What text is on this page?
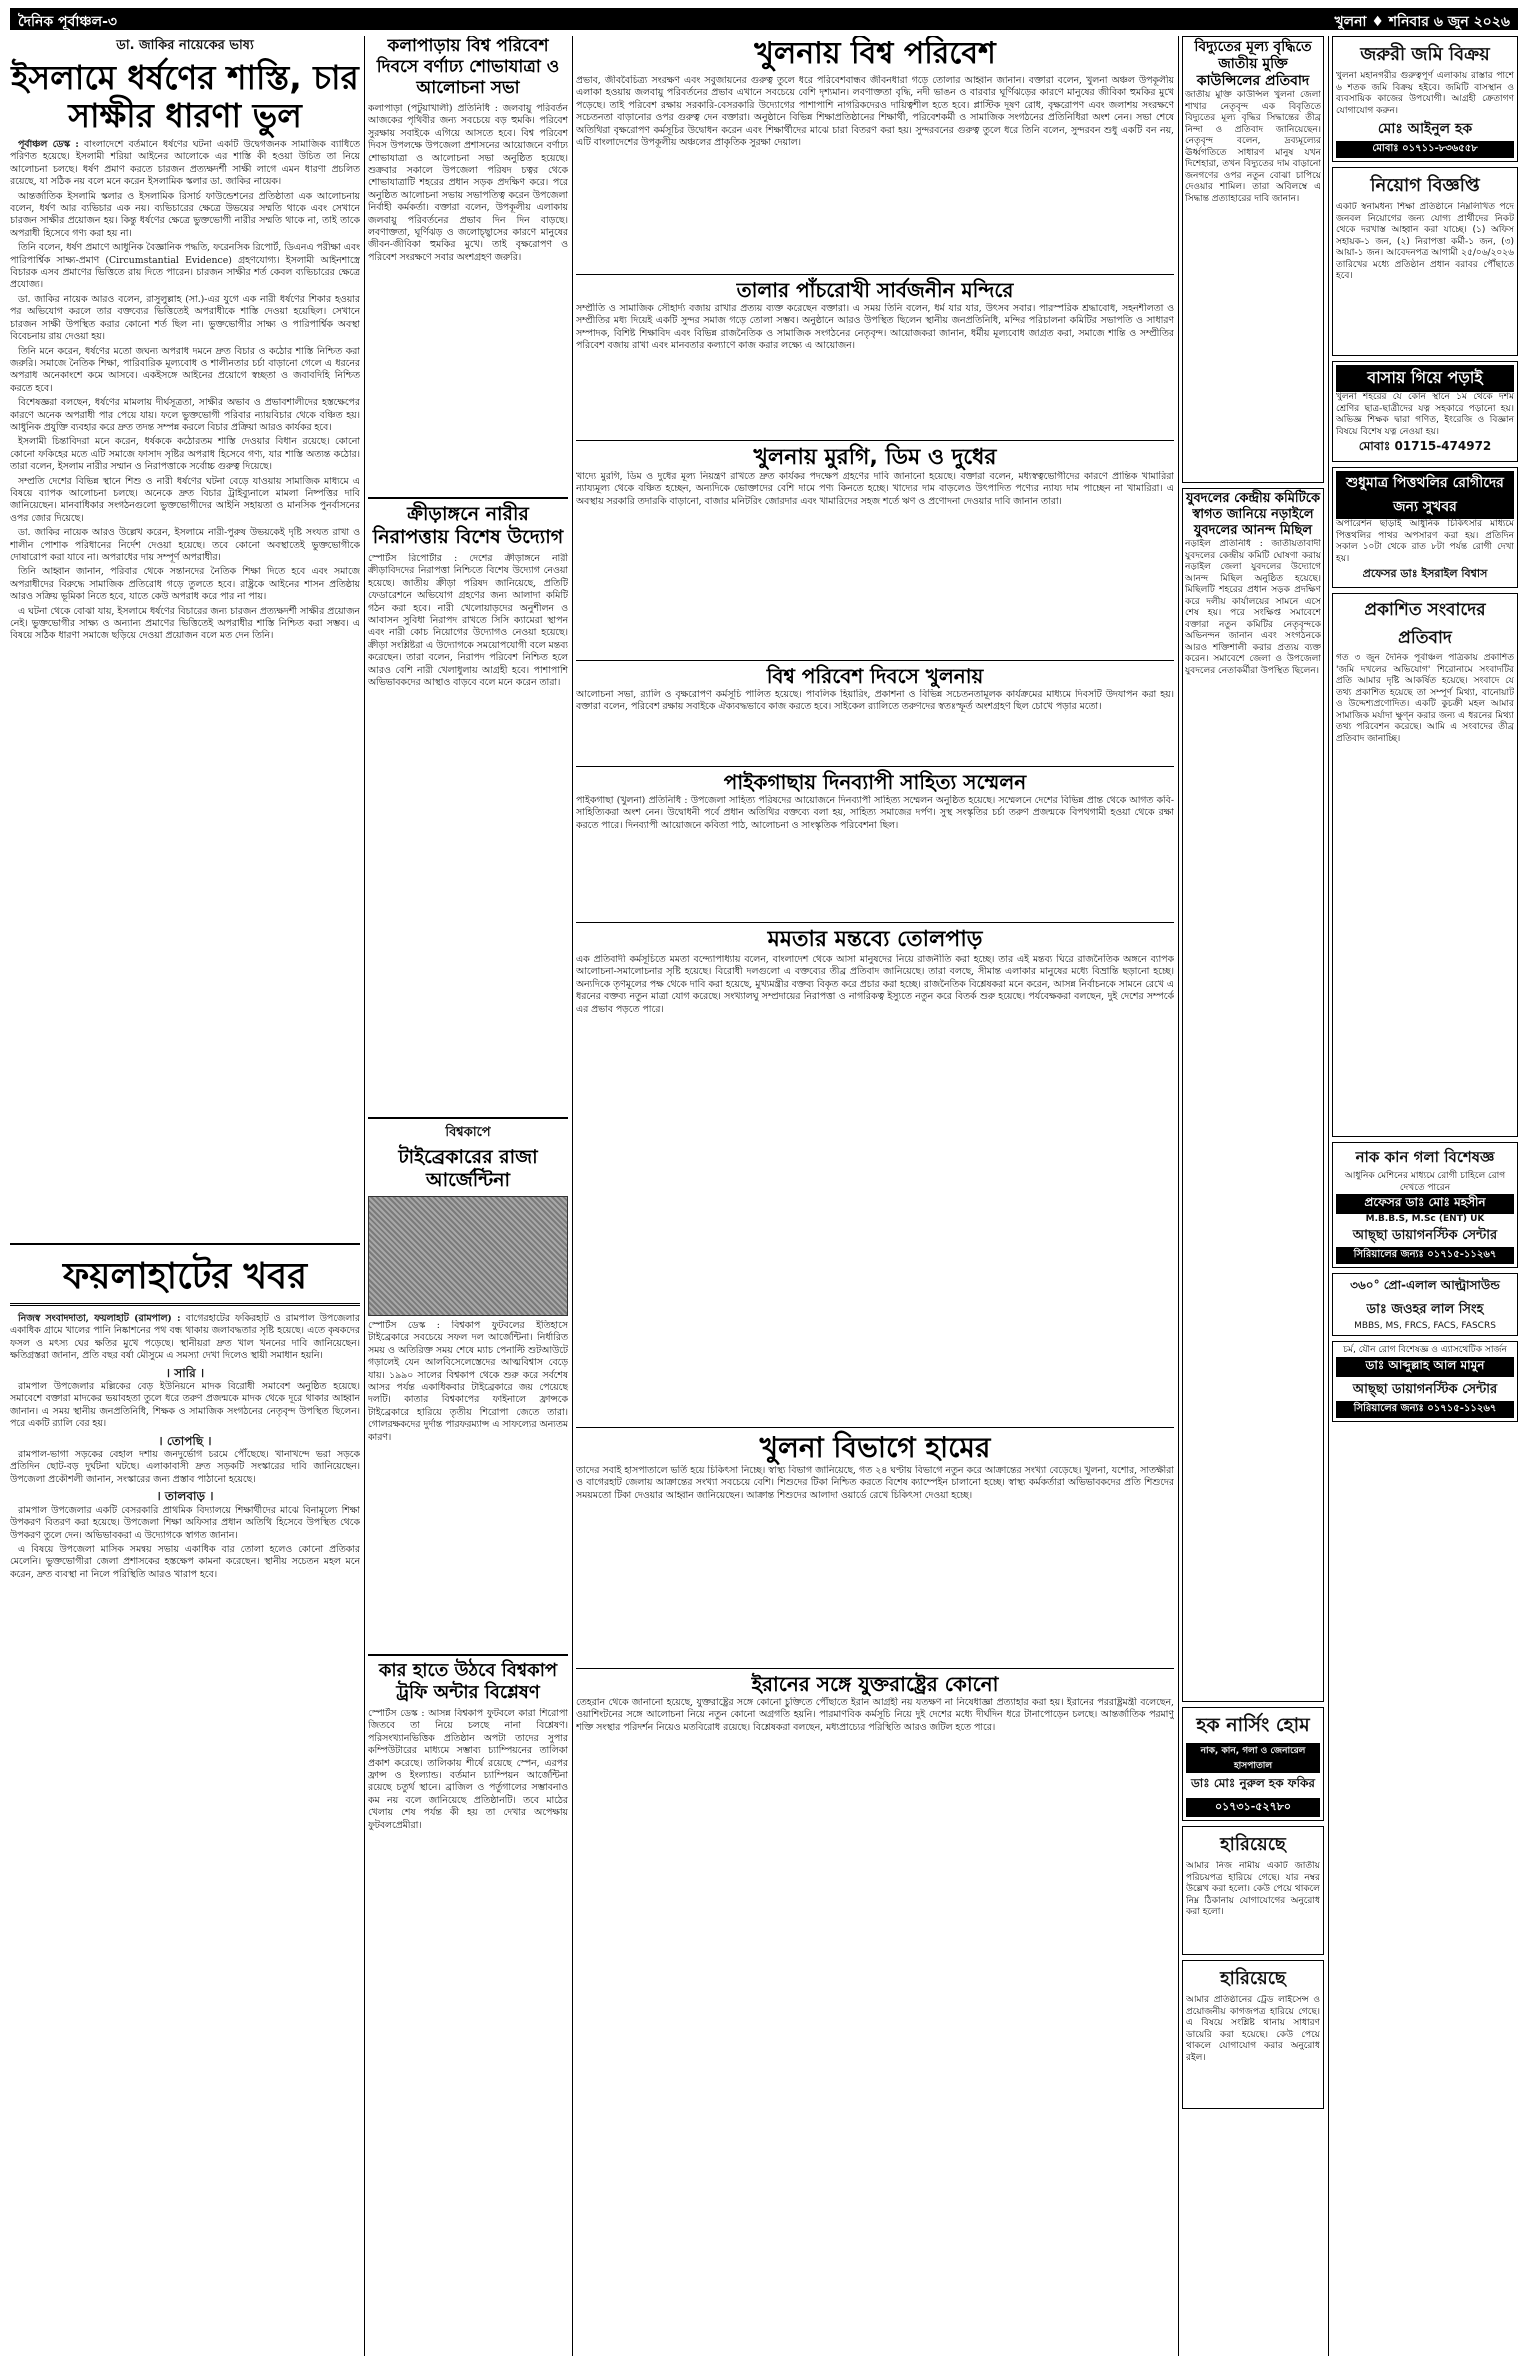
দৈনিক পূর্বাঞ্চল-৩	খুলনা ♦ শনিবার ৬ জুন ২০২৬
ডা. জাকির নায়েকের ভাষ্য
ইসলামে ধর্ষণের শাস্তি, চার সাক্ষীর ধারণা ভুল

পূর্বাঞ্চল ডেস্ক : বাংলাদেশে বর্তমানে ধর্ষণের ঘটনা একটি উদ্বেগজনক সামাজিক ব্যাধিতে পরিণত হয়েছে। ইসলামী শরিয়া আইনের আলোকে এর শাস্তি কী হওয়া উচিত তা নিয়ে আলোচনা চলছে। ধর্ষণ প্রমাণ করতে চারজন প্রত্যক্ষদর্শী সাক্ষী লাগে এমন ধারণা প্রচলিত রয়েছে, যা সঠিক নয় বলে মনে করেন ইসলামিক স্কলার ডা. জাকির নায়েক।

আন্তর্জাতিক ইসলামি স্কলার ও ইসলামিক রিসার্চ ফাউন্ডেশনের প্রতিষ্ঠাতা এক আলোচনায় বলেন, ধর্ষণ আর ব্যভিচার এক নয়। ব্যভিচারের ক্ষেত্রে উভয়ের সম্মতি থাকে এবং সেখানে চারজন সাক্ষীর প্রয়োজন হয়। কিন্তু ধর্ষণের ক্ষেত্রে ভুক্তভোগী নারীর সম্মতি থাকে না, তাই তাকে অপরাধী হিসেবে গণ্য করা হয় না।

তিনি বলেন, ধর্ষণ প্রমাণে আধুনিক বৈজ্ঞানিক পদ্ধতি, ফরেনসিক রিপোর্ট, ডিএনএ পরীক্ষা এবং পারিপার্শ্বিক সাক্ষ্য-প্রমাণ (Circumstantial Evidence) গ্রহণযোগ্য। ইসলামী আইনশাস্ত্রে বিচারক এসব প্রমাণের ভিত্তিতে রায় দিতে পারেন। চারজন সাক্ষীর শর্ত কেবল ব্যভিচারের ক্ষেত্রে প্রযোজ্য।

ডা. জাকির নায়েক আরও বলেন, রাসুলুল্লাহ (সা.)-এর যুগে এক নারী ধর্ষণের শিকার হওয়ার পর অভিযোগ করলে তার বক্তব্যের ভিত্তিতেই অপরাধীকে শাস্তি দেওয়া হয়েছিল। সেখানে চারজন সাক্ষী উপস্থিত করার কোনো শর্ত ছিল না। ভুক্তভোগীর সাক্ষ্য ও পারিপার্শ্বিক অবস্থা বিবেচনায় রায় দেওয়া হয়।

তিনি মনে করেন, ধর্ষণের মতো জঘন্য অপরাধ দমনে দ্রুত বিচার ও কঠোর শাস্তি নিশ্চিত করা জরুরি। সমাজে নৈতিক শিক্ষা, পারিবারিক মূল্যবোধ ও শালীনতার চর্চা বাড়ানো গেলে এ ধরনের অপরাধ অনেকাংশে কমে আসবে। একইসঙ্গে আইনের প্রয়োগে স্বচ্ছতা ও জবাবদিহি নিশ্চিত করতে হবে।

বিশেষজ্ঞরা বলছেন, ধর্ষণের মামলায় দীর্ঘসূত্রতা, সাক্ষীর অভাব ও প্রভাবশালীদের হস্তক্ষেপের কারণে অনেক অপরাধী পার পেয়ে যায়। ফলে ভুক্তভোগী পরিবার ন্যায়বিচার থেকে বঞ্চিত হয়। আধুনিক প্রযুক্তি ব্যবহার করে দ্রুত তদন্ত সম্পন্ন করলে বিচার প্রক্রিয়া আরও কার্যকর হবে।

ইসলামী চিন্তাবিদরা মনে করেন, ধর্ষককে কঠোরতম শাস্তি দেওয়ার বিধান রয়েছে। কোনো কোনো ফকিহের মতে এটি সমাজে ফাসাদ সৃষ্টির অপরাধ হিসেবে গণ্য, যার শাস্তি অত্যন্ত কঠোর। তারা বলেন, ইসলাম নারীর সম্মান ও নিরাপত্তাকে সর্বোচ্চ গুরুত্ব দিয়েছে।

সম্প্রতি দেশের বিভিন্ন স্থানে শিশু ও নারী ধর্ষণের ঘটনা বেড়ে যাওয়ায় সামাজিক মাধ্যমে এ বিষয়ে ব্যাপক আলোচনা চলছে। অনেকে দ্রুত বিচার ট্রাইব্যুনালে মামলা নিষ্পত্তির দাবি জানিয়েছেন। মানবাধিকার সংগঠনগুলো ভুক্তভোগীদের আইনি সহায়তা ও মানসিক পুনর্বাসনের ওপর জোর দিয়েছে।

ডা. জাকির নায়েক আরও উল্লেখ করেন, ইসলামে নারী-পুরুষ উভয়কেই দৃষ্টি সংযত রাখা ও শালীন পোশাক পরিধানের নির্দেশ দেওয়া হয়েছে। তবে কোনো অবস্থাতেই ভুক্তভোগীকে দোষারোপ করা যাবে না। অপরাধের দায় সম্পূর্ণ অপরাধীর।

তিনি আহ্বান জানান, পরিবার থেকে সন্তানদের নৈতিক শিক্ষা দিতে হবে এবং সমাজে অপরাধীদের বিরুদ্ধে সামাজিক প্রতিরোধ গড়ে তুলতে হবে। রাষ্ট্রকে আইনের শাসন প্রতিষ্ঠায় আরও সক্রিয় ভূমিকা নিতে হবে, যাতে কেউ অপরাধ করে পার না পায়।

এ ঘটনা থেকে বোঝা যায়, ইসলামে ধর্ষণের বিচারের জন্য চারজন প্রত্যক্ষদর্শী সাক্ষীর প্রয়োজন নেই। ভুক্তভোগীর সাক্ষ্য ও অন্যান্য প্রমাণের ভিত্তিতেই অপরাধীর শাস্তি নিশ্চিত করা সম্ভব। এ বিষয়ে সঠিক ধারণা সমাজে ছড়িয়ে দেওয়া প্রয়োজন বলে মত দেন তিনি।

ফয়লাহাটের খবর

নিজস্ব সংবাদদাতা, ফয়লাহাট (রামপাল) : বাগেরহাটের ফকিরহাট ও রামপাল উপজেলার একাধিক গ্রামে খালের পানি নিষ্কাশনের পথ বন্ধ থাকায় জলাবদ্ধতার সৃষ্টি হয়েছে। এতে কৃষকদের ফসল ও মৎস্য ঘের ক্ষতির মুখে পড়েছে। স্থানীয়রা দ্রুত খাল খননের দাবি জানিয়েছেন। ক্ষতিগ্রস্তরা জানান, প্রতি বছর বর্ষা মৌসুমে এ সমস্যা দেখা দিলেও স্থায়ী সমাধান হয়নি।

। সারি ।

রামপাল উপজেলার মল্লিকের বেড় ইউনিয়নে মাদক বিরোধী সমাবেশ অনুষ্ঠিত হয়েছে। সমাবেশে বক্তারা মাদকের ভয়াবহতা তুলে ধরে তরুণ প্রজন্মকে মাদক থেকে দূরে থাকার আহ্বান জানান। এ সময় স্থানীয় জনপ্রতিনিধি, শিক্ষক ও সামাজিক সংগঠনের নেতৃবৃন্দ উপস্থিত ছিলেন। পরে একটি র‍্যালি বের হয়।

। তোপছি ।

রামপাল-ভাগা সড়কের বেহাল দশায় জনদুর্ভোগ চরমে পৌঁছেছে। খানাখন্দে ভরা সড়কে প্রতিদিন ছোট-বড় দুর্ঘটনা ঘটছে। এলাকাবাসী দ্রুত সড়কটি সংস্কারের দাবি জানিয়েছেন। উপজেলা প্রকৌশলী জানান, সংস্কারের জন্য প্রস্তাব পাঠানো হয়েছে।

। তালবাড় ।

রামপাল উপজেলার একটি বেসরকারি প্রাথমিক বিদ্যালয়ে শিক্ষার্থীদের মাঝে বিনামূল্যে শিক্ষা উপকরণ বিতরণ করা হয়েছে। উপজেলা শিক্ষা অফিসার প্রধান অতিথি হিসেবে উপস্থিত থেকে উপকরণ তুলে দেন। অভিভাবকরা এ উদ্যোগকে স্বাগত জানান।

এ বিষয়ে উপজেলা মাসিক সমন্বয় সভায় একাধিক বার তোলা হলেও কোনো প্রতিকার মেলেনি। ভুক্তভোগীরা জেলা প্রশাসকের হস্তক্ষেপ কামনা করেছেন। স্থানীয় সচেতন মহল মনে করেন, দ্রুত ব্যবস্থা না নিলে পরিস্থিতি আরও খারাপ হবে।

কলাপাড়ায় বিশ্ব পরিবেশ দিবসে বর্ণাঢ্য শোভাযাত্রা ও আলোচনা সভা
কলাপাড়া (পটুয়াখালী) প্রতিনিধি : জলবায়ু পরিবর্তন আজকের পৃথিবীর জন্য সবচেয়ে বড় হুমকি। পরিবেশ সুরক্ষায় সবাইকে এগিয়ে আসতে হবে। বিশ্ব পরিবেশ দিবস উপলক্ষে উপজেলা প্রশাসনের আয়োজনে বর্ণাঢ্য শোভাযাত্রা ও আলোচনা সভা অনুষ্ঠিত হয়েছে। শুক্রবার সকালে উপজেলা পরিষদ চত্বর থেকে শোভাযাত্রাটি শহরের প্রধান সড়ক প্রদক্ষিণ করে। পরে অনুষ্ঠিত আলোচনা সভায় সভাপতিত্ব করেন উপজেলা নির্বাহী কর্মকর্তা। বক্তারা বলেন, উপকূলীয় এলাকায় জলবায়ু পরিবর্তনের প্রভাব দিন দিন বাড়ছে। লবণাক্ততা, ঘূর্ণিঝড় ও জলোচ্ছ্বাসের কারণে মানুষের জীবন-জীবিকা হুমকির মুখে। তাই বৃক্ষরোপণ ও পরিবেশ সংরক্ষণে সবার অংশগ্রহণ জরুরি।
ক্রীড়াঙ্গনে নারীর নিরাপত্তায় বিশেষ উদ্যোগ
স্পোর্টস রিপোর্টার : দেশের ক্রীড়াঙ্গনে নারী ক্রীড়াবিদদের নিরাপত্তা নিশ্চিতে বিশেষ উদ্যোগ নেওয়া হয়েছে। জাতীয় ক্রীড়া পরিষদ জানিয়েছে, প্রতিটি ফেডারেশনে অভিযোগ গ্রহণের জন্য আলাদা কমিটি গঠন করা হবে। নারী খেলোয়াড়দের অনুশীলন ও আবাসন সুবিধা নিরাপদ রাখতে সিসি ক্যামেরা স্থাপন এবং নারী কোচ নিয়োগের উদ্যোগও নেওয়া হয়েছে। ক্রীড়া সংশ্লিষ্টরা এ উদ্যোগকে সময়োপযোগী বলে মন্তব্য করেছেন। তারা বলেন, নিরাপদ পরিবেশ নিশ্চিত হলে আরও বেশি নারী খেলাধুলায় আগ্রহী হবে। পাশাপাশি অভিভাবকদের আস্থাও বাড়বে বলে মনে করেন তারা।
বিশ্বকাপে
টাইব্রেকারের রাজা আর্জেন্টিনা
স্পোর্টস ডেস্ক : বিশ্বকাপ ফুটবলের ইতিহাসে টাইব্রেকারে সবচেয়ে সফল দল আর্জেন্টিনা। নির্ধারিত সময় ও অতিরিক্ত সময় শেষে ম্যাচ পেনাল্টি শুটআউটে গড়ালেই যেন আলবিসেলেস্তেদের আত্মবিশ্বাস বেড়ে যায়। ১৯৯০ সালের বিশ্বকাপ থেকে শুরু করে সর্বশেষ আসর পর্যন্ত একাধিকবার টাইব্রেকারে জয় পেয়েছে দলটি। কাতার বিশ্বকাপের ফাইনালে ফ্রান্সকে টাইব্রেকারে হারিয়ে তৃতীয় শিরোপা জেতে তারা। গোলরক্ষকদের দুর্দান্ত পারফরম্যান্স এ সাফল্যের অন্যতম কারণ।
কার হাতে উঠবে বিশ্বকাপ ট্রফি অন্টার বিশ্লেষণ
স্পোর্টস ডেস্ক : আসন্ন বিশ্বকাপ ফুটবলে কারা শিরোপা জিতবে তা নিয়ে চলছে নানা বিশ্লেষণ। পরিসংখ্যানভিত্তিক প্রতিষ্ঠান অপটা তাদের সুপার কম্পিউটারের মাধ্যমে সম্ভাব্য চ্যাম্পিয়নের তালিকা প্রকাশ করেছে। তালিকায় শীর্ষে রয়েছে স্পেন, এরপর ফ্রান্স ও ইংল্যান্ড। বর্তমান চ্যাম্পিয়ন আর্জেন্টিনা রয়েছে চতুর্থ স্থানে। ব্রাজিল ও পর্তুগালের সম্ভাবনাও কম নয় বলে জানিয়েছে প্রতিষ্ঠানটি। তবে মাঠের খেলায় শেষ পর্যন্ত কী হয় তা দেখার অপেক্ষায় ফুটবলপ্রেমীরা।
খুলনায় বিশ্ব পরিবেশ
প্রভাব, জীববৈচিত্র্য সংরক্ষণ এবং সবুজায়নের গুরুত্ব তুলে ধরে পরিবেশবান্ধব জীবনধারা গড়ে তোলার আহ্বান জানান। বক্তারা বলেন, খুলনা অঞ্চল উপকূলীয় এলাকা হওয়ায় জলবায়ু পরিবর্তনের প্রভাব এখানে সবচেয়ে বেশি দৃশ্যমান। লবণাক্ততা বৃদ্ধি, নদী ভাঙন ও বারবার ঘূর্ণিঝড়ের কারণে মানুষের জীবিকা হুমকির মুখে পড়েছে। তাই পরিবেশ রক্ষায় সরকারি-বেসরকারি উদ্যোগের পাশাপাশি নাগরিকদেরও দায়িত্বশীল হতে হবে। প্লাস্টিক দূষণ রোধ, বৃক্ষরোপণ এবং জলাশয় সংরক্ষণে সচেতনতা বাড়ানোর ওপর গুরুত্ব দেন বক্তারা। অনুষ্ঠানে বিভিন্ন শিক্ষাপ্রতিষ্ঠানের শিক্ষার্থী, পরিবেশকর্মী ও সামাজিক সংগঠনের প্রতিনিধিরা অংশ নেন। সভা শেষে অতিথিরা বৃক্ষরোপণ কর্মসূচির উদ্বোধন করেন এবং শিক্ষার্থীদের মাঝে চারা বিতরণ করা হয়। সুন্দরবনের গুরুত্ব তুলে ধরে তিনি বলেন, সুন্দরবন শুধু একটি বন নয়, এটি বাংলাদেশের উপকূলীয় অঞ্চলের প্রাকৃতিক সুরক্ষা দেয়াল।
তালার পাঁচরোখী সার্বজনীন মন্দিরে
সম্প্রীতি ও সামাজিক সৌহার্দ্য বজায় রাখার প্রত্যয় ব্যক্ত করেছেন বক্তারা। এ সময় তিনি বলেন, ধর্ম যার যার, উৎসব সবার। পারস্পরিক শ্রদ্ধাবোধ, সহনশীলতা ও সম্প্রীতির মধ্য দিয়েই একটি সুন্দর সমাজ গড়ে তোলা সম্ভব। অনুষ্ঠানে আরও উপস্থিত ছিলেন স্থানীয় জনপ্রতিনিধি, মন্দির পরিচালনা কমিটির সভাপতি ও সাধারণ সম্পাদক, বিশিষ্ট শিক্ষাবিদ এবং বিভিন্ন রাজনৈতিক ও সামাজিক সংগঠনের নেতৃবৃন্দ। আয়োজকরা জানান, ধর্মীয় মূল্যবোধ জাগ্রত করা, সমাজে শান্তি ও সম্প্রীতির পরিবেশ বজায় রাখা এবং মানবতার কল্যাণে কাজ করার লক্ষ্যে এ আয়োজন।
খুলনায় মুরগি, ডিম ও দুধের
খাদ্যে মুরগি, ডিম ও দুধের মূল্য নিয়ন্ত্রণ রাখতে দ্রুত কার্যকর পদক্ষেপ গ্রহণের দাবি জানানো হয়েছে। বক্তারা বলেন, মধ্যস্বত্বভোগীদের কারণে প্রান্তিক খামারিরা ন্যায্যমূল্য থেকে বঞ্চিত হচ্ছেন, অন্যদিকে ভোক্তাদের বেশি দামে পণ্য কিনতে হচ্ছে। খাদ্যের দাম বাড়লেও উৎপাদিত পণ্যের ন্যায্য দাম পাচ্ছেন না খামারিরা। এ অবস্থায় সরকারি তদারকি বাড়ানো, বাজার মনিটরিং জোরদার এবং খামারিদের সহজ শর্তে ঋণ ও প্রণোদনা দেওয়ার দাবি জানান তারা।
বিশ্ব পরিবেশ দিবসে খুলনায়
আলোচনা সভা, র‍্যালি ও বৃক্ষরোপণ কর্মসূচি পালিত হয়েছে। পাবলিক হিয়ারিং, প্রকাশনা ও বিভিন্ন সচেতনতামূলক কার্যক্রমের মাধ্যমে দিবসটি উদযাপন করা হয়। বক্তারা বলেন, পরিবেশ রক্ষায় সবাইকে ঐক্যবদ্ধভাবে কাজ করতে হবে। সাইকেল র‍্যালিতে তরুণদের স্বতঃস্ফূর্ত অংশগ্রহণ ছিল চোখে পড়ার মতো।
পাইকগাছায় দিনব্যাপী সাহিত্য সম্মেলন
পাইকগাছা (খুলনা) প্রতিনিধি : উপজেলা সাহিত্য পরিষদের আয়োজনে দিনব্যাপী সাহিত্য সম্মেলন অনুষ্ঠিত হয়েছে। সম্মেলনে দেশের বিভিন্ন প্রান্ত থেকে আগত কবি-সাহিত্যিকরা অংশ নেন। উদ্বোধনী পর্বে প্রধান অতিথির বক্তব্যে বলা হয়, সাহিত্য সমাজের দর্পণ। সুস্থ সংস্কৃতির চর্চা তরুণ প্রজন্মকে বিপথগামী হওয়া থেকে রক্ষা করতে পারে। দিনব্যাপী আয়োজনে কবিতা পাঠ, আলোচনা ও সাংস্কৃতিক পরিবেশনা ছিল।
মমতার মন্তব্যে তোলপাড়
এক প্রতিবাদী কর্মসূচিতে মমতা বন্দ্যোপাধ্যায় বলেন, বাংলাদেশ থেকে আসা মানুষদের নিয়ে রাজনীতি করা হচ্ছে। তার এই মন্তব্য ঘিরে রাজনৈতিক অঙ্গনে ব্যাপক আলোচনা-সমালোচনার সৃষ্টি হয়েছে। বিরোধী দলগুলো এ বক্তব্যের তীব্র প্রতিবাদ জানিয়েছে। তারা বলছে, সীমান্ত এলাকার মানুষের মধ্যে বিভ্রান্তি ছড়ানো হচ্ছে। অন্যদিকে তৃণমূলের পক্ষ থেকে দাবি করা হয়েছে, মুখ্যমন্ত্রীর বক্তব্য বিকৃত করে প্রচার করা হচ্ছে। রাজনৈতিক বিশ্লেষকরা মনে করেন, আসন্ন নির্বাচনকে সামনে রেখে এ ধরনের বক্তব্য নতুন মাত্রা যোগ করেছে। সংখ্যালঘু সম্প্রদায়ের নিরাপত্তা ও নাগরিকত্ব ইস্যুতে নতুন করে বিতর্ক শুরু হয়েছে। পর্যবেক্ষকরা বলছেন, দুই দেশের সম্পর্কে এর প্রভাব পড়তে পারে।
খুলনা বিভাগে হামের
তাদের সবাই হাসপাতালে ভর্তি হয়ে চিকিৎসা নিচ্ছে। স্বাস্থ্য বিভাগ জানিয়েছে, গত ২৪ ঘণ্টায় বিভাগে নতুন করে আক্রান্তের সংখ্যা বেড়েছে। খুলনা, যশোর, সাতক্ষীরা ও বাগেরহাট জেলায় আক্রান্তের সংখ্যা সবচেয়ে বেশি। শিশুদের টিকা নিশ্চিত করতে বিশেষ ক্যাম্পেইন চালানো হচ্ছে। স্বাস্থ্য কর্মকর্তারা অভিভাবকদের প্রতি শিশুদের সময়মতো টিকা দেওয়ার আহ্বান জানিয়েছেন। আক্রান্ত শিশুদের আলাদা ওয়ার্ডে রেখে চিকিৎসা দেওয়া হচ্ছে।
ইরানের সঙ্গে যুক্তরাষ্ট্রের কোনো
তেহরান থেকে জানানো হয়েছে, যুক্তরাষ্ট্রের সঙ্গে কোনো চুক্তিতে পৌঁছাতে ইরান আগ্রহী নয় যতক্ষণ না নিষেধাজ্ঞা প্রত্যাহার করা হয়। ইরানের পররাষ্ট্রমন্ত্রী বলেছেন, ওয়াশিংটনের সঙ্গে আলোচনা নিয়ে নতুন কোনো অগ্রগতি হয়নি। পারমাণবিক কর্মসূচি নিয়ে দুই দেশের মধ্যে দীর্ঘদিন ধরে টানাপোড়েন চলছে। আন্তর্জাতিক পরমাণু শক্তি সংস্থার পরিদর্শন নিয়েও মতবিরোধ রয়েছে। বিশ্লেষকরা বলছেন, মধ্যপ্রাচ্যের পরিস্থিতি আরও জটিল হতে পারে।
বিদ্যুতের মূল্য বৃদ্ধিতে জাতীয় মুক্তি কাউন্সিলের প্রতিবাদ
জাতীয় মুক্তি কাউন্সিল খুলনা জেলা শাখার নেতৃবৃন্দ এক বিবৃতিতে বিদ্যুতের মূল্য বৃদ্ধির সিদ্ধান্তের তীব্র নিন্দা ও প্রতিবাদ জানিয়েছেন। নেতৃবৃন্দ বলেন, দ্রব্যমূল্যের ঊর্ধ্বগতিতে সাধারণ মানুষ যখন দিশেহারা, তখন বিদ্যুতের দাম বাড়ানো জনগণের ওপর নতুন বোঝা চাপিয়ে দেওয়ার শামিল। তারা অবিলম্বে এ সিদ্ধান্ত প্রত্যাহারের দাবি জানান।
যুবদলের কেন্দ্রীয় কমিটিকে স্বাগত জানিয়ে নড়াইলে যুবদলের আনন্দ মিছিল
নড়াইল প্রতিনিধি : জাতীয়তাবাদী যুবদলের কেন্দ্রীয় কমিটি ঘোষণা করায় নড়াইল জেলা যুবদলের উদ্যোগে আনন্দ মিছিল অনুষ্ঠিত হয়েছে। মিছিলটি শহরের প্রধান সড়ক প্রদক্ষিণ করে দলীয় কার্যালয়ের সামনে এসে শেষ হয়। পরে সংক্ষিপ্ত সমাবেশে বক্তারা নতুন কমিটির নেতৃবৃন্দকে অভিনন্দন জানান এবং সংগঠনকে আরও শক্তিশালী করার প্রত্যয় ব্যক্ত করেন। সমাবেশে জেলা ও উপজেলা যুবদলের নেতাকর্মীরা উপস্থিত ছিলেন।
হক নার্সিং হোম
নাক, কান, গলা ও জেনারেল হাসপাতাল
ডাঃ মোঃ নুরুল হক ফকির
০১৭৩১-৫২৭৮০
হারিয়েছে
আমার নিজ নামীয় একটি জাতীয় পরিচয়পত্র হারিয়ে গেছে। যার নম্বর উল্লেখ করা হলো। কেউ পেয়ে থাকলে নিম্ন ঠিকানায় যোগাযোগের অনুরোধ করা হলো।
হারিয়েছে
আমার প্রতিষ্ঠানের ট্রেড লাইসেন্স ও প্রয়োজনীয় কাগজপত্র হারিয়ে গেছে। এ বিষয়ে সংশ্লিষ্ট থানায় সাধারণ ডায়েরি করা হয়েছে। কেউ পেয়ে থাকলে যোগাযোগ করার অনুরোধ রইল।
জরুরী জমি বিক্রয়
খুলনা মহানগরীর গুরুত্বপূর্ণ এলাকায় রাস্তার পাশে ৬ শতক জমি বিক্রয় হইবে। জমিটি বাসস্থান ও ব্যবসায়িক কাজের উপযোগী। আগ্রহী ক্রেতাগণ যোগাযোগ করুন।
মোঃ আইনুল হক
মোবাঃ ০১৭১১-৮৩৬৫৫৮
নিয়োগ বিজ্ঞপ্তি
একটি স্বনামধন্য শিক্ষা প্রতিষ্ঠানে নিম্নলিখিত পদে জনবল নিয়োগের জন্য যোগ্য প্রার্থীদের নিকট থেকে দরখাস্ত আহ্বান করা যাচ্ছে। (১) অফিস সহায়ক-১ জন, (২) নিরাপত্তা কর্মী-১ জন, (৩) আয়া-১ জন। আবেদনপত্র আগামী ২৫/০৬/২০২৬ তারিখের মধ্যে প্রতিষ্ঠান প্রধান বরাবর পৌঁছাতে হবে।
বাসায় গিয়ে পড়াই
খুলনা শহরের যে কোন স্থানে ১ম থেকে দশম শ্রেণির ছাত্র-ছাত্রীদের যত্ন সহকারে পড়ানো হয়। অভিজ্ঞ শিক্ষক দ্বারা গণিত, ইংরেজি ও বিজ্ঞান বিষয়ে বিশেষ যত্ন নেওয়া হয়।
মোবাঃ 01715-474972
শুধুমাত্র পিত্তথলির রোগীদের জন্য সুখবর
অপারেশন ছাড়াই আধুনিক চিকিৎসার মাধ্যমে পিত্তথলির পাথর অপসারণ করা হয়। প্রতিদিন সকাল ১০টা থেকে রাত ৮টা পর্যন্ত রোগী দেখা হয়।
প্রফেসর ডাঃ ইসরাইল বিশ্বাস
প্রকাশিত সংবাদের প্রতিবাদ
গত ৩ জুন দৈনিক পূর্বাঞ্চল পত্রিকায় প্রকাশিত 'জমি দখলের অভিযোগ' শিরোনামে সংবাদটির প্রতি আমার দৃষ্টি আকর্ষিত হয়েছে। সংবাদে যে তথ্য প্রকাশিত হয়েছে তা সম্পূর্ণ মিথ্যা, বানোয়াট ও উদ্দেশ্যপ্রণোদিত। একটি কুচক্রী মহল আমার সামাজিক মর্যাদা ক্ষুণ্ন করার জন্য এ ধরনের মিথ্যা তথ্য পরিবেশন করেছে। আমি এ সংবাদের তীব্র প্রতিবাদ জানাচ্ছি।
নাক কান গলা বিশেষজ্ঞ
আধুনিক মেশিনের মাধ্যমে রোগী চাহিলে রোগ দেখতে পারেন
প্রফেসর ডাঃ মোঃ মহসীন
M.B.B.S, M.Sc (ENT) UK
আছ্ছা ডায়াগনস্টিক সেন্টার
সিরিয়ালের জন্যঃ ০১৭১৫-১১২৬৭
৩৬০° প্রো-এলাল আল্ট্রাসাউন্ড
ডাঃ জওহর লাল সিংহ
MBBS, MS, FRCS, FACS, FASCRS
চর্ম, যৌন রোগ বিশেষজ্ঞ ও এ্যাসথেটিক সার্জন
ডাঃ আব্দুল্লাহ আল মামুন
আছ্ছা ডায়াগনস্টিক সেন্টার
সিরিয়ালের জন্যঃ ০১৭১৫-১১২৬৭
